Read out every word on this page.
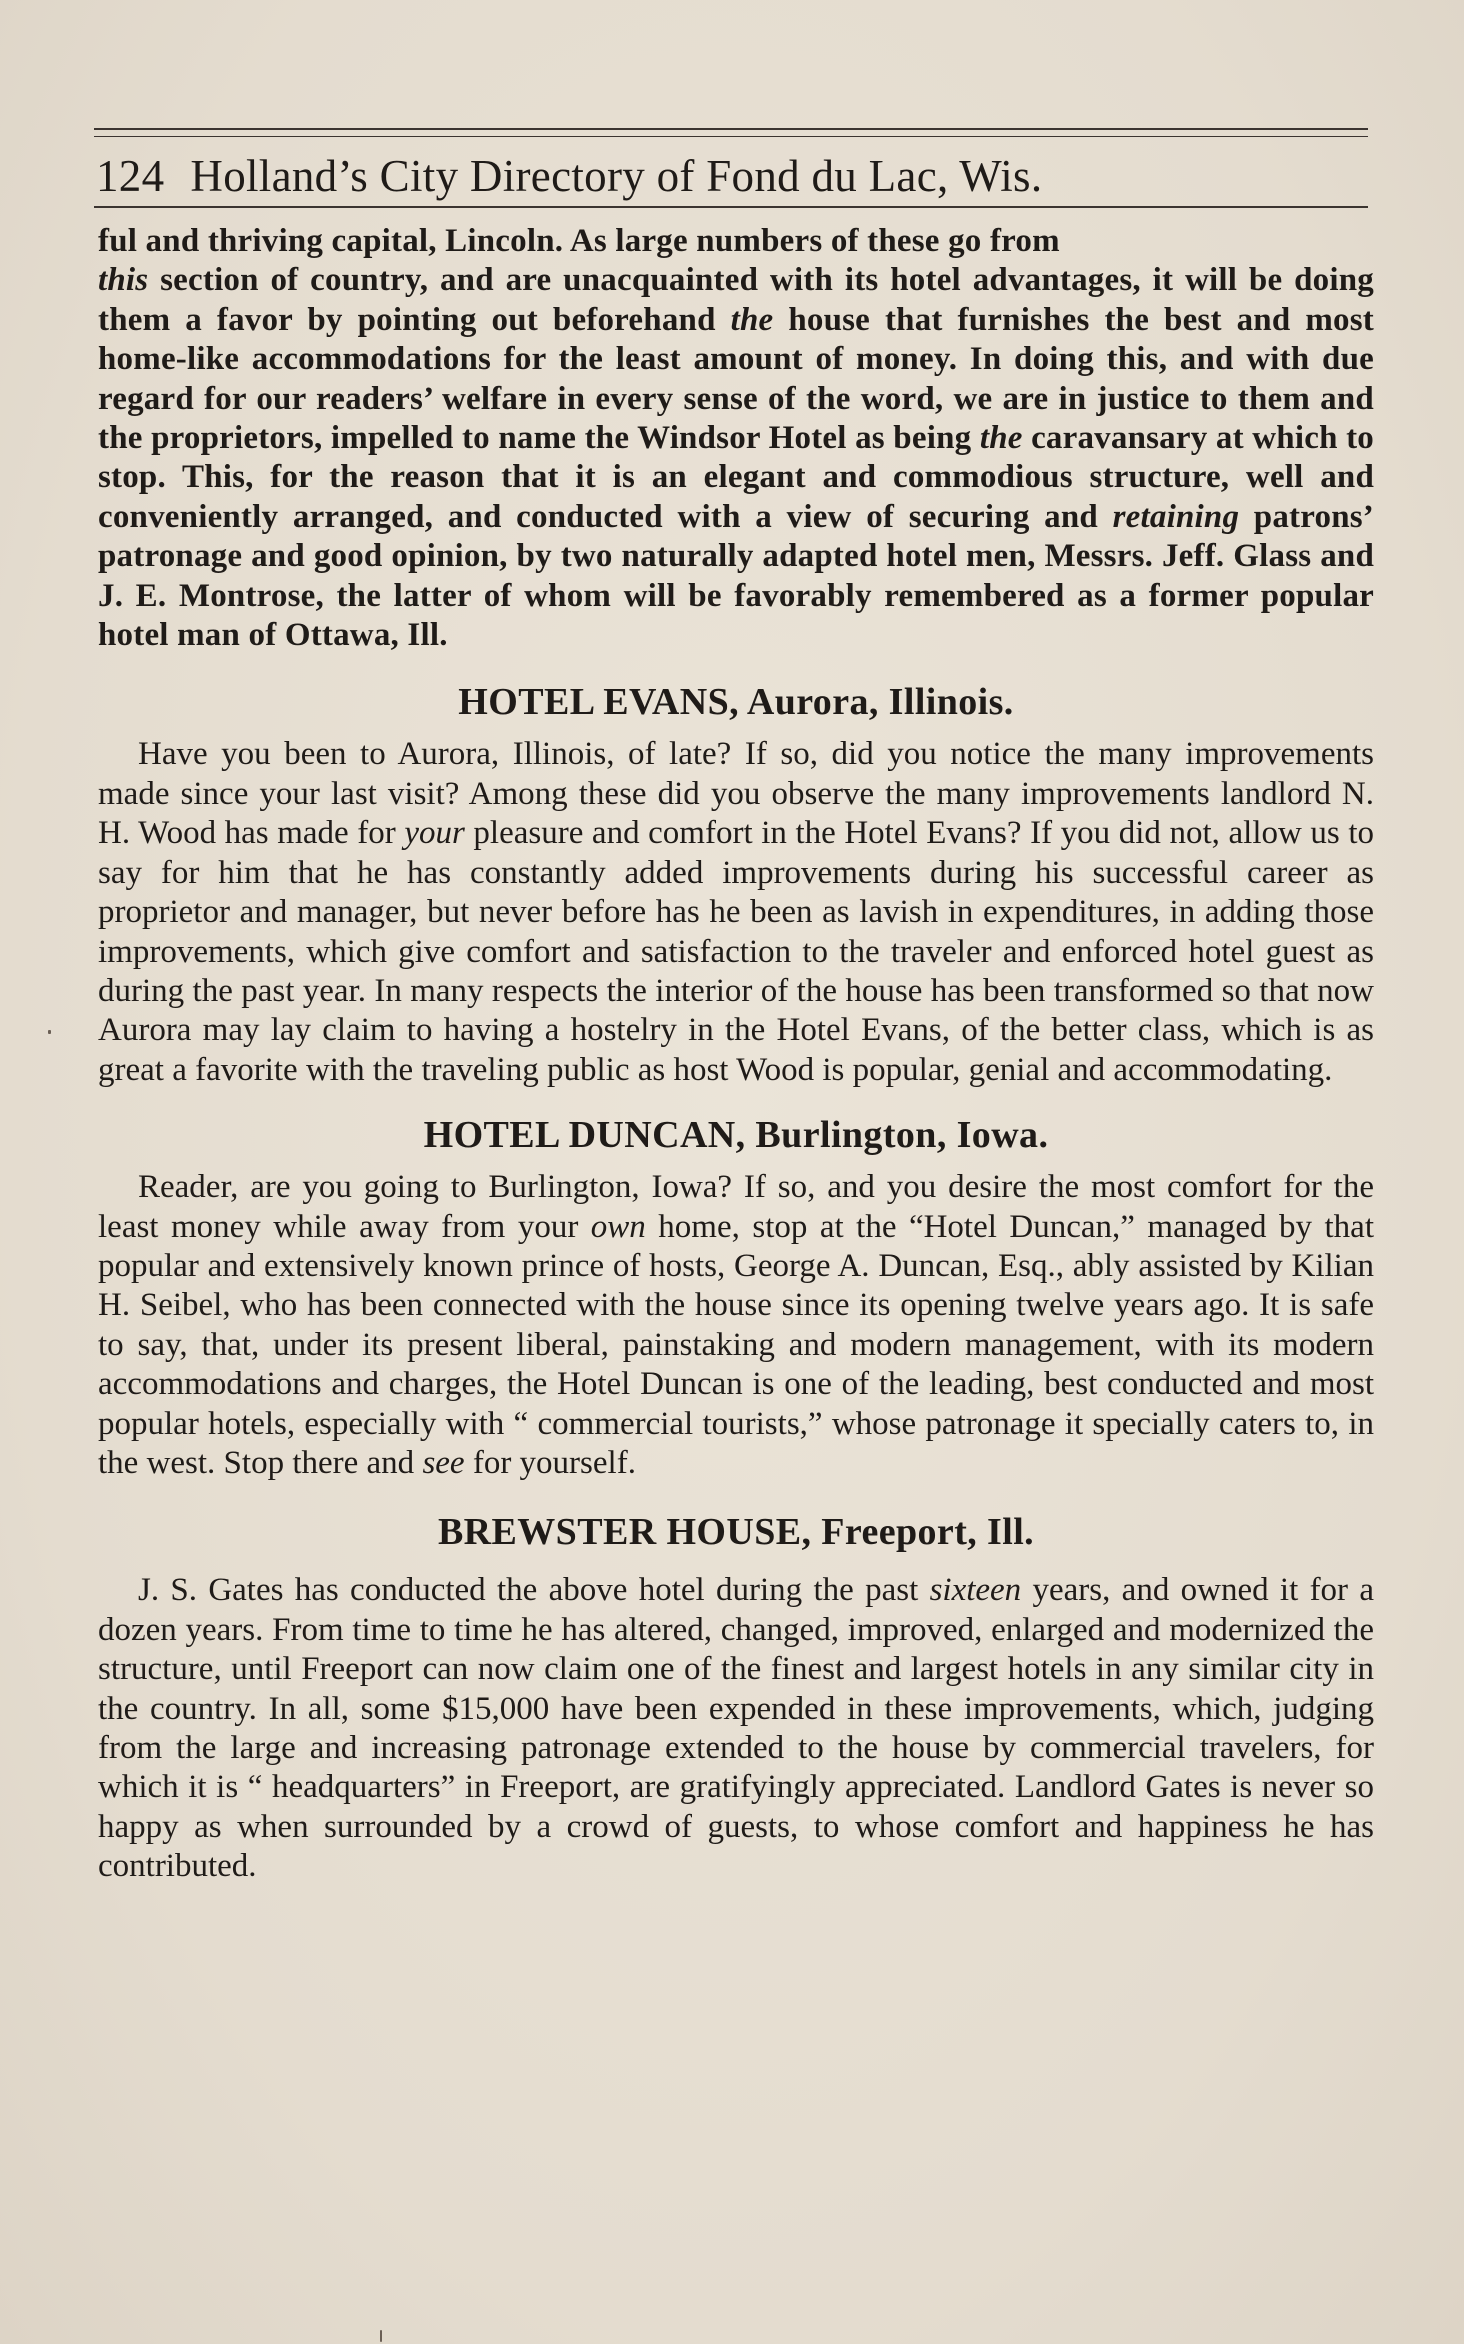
124 Holland’s City Directory of Fond du Lac, Wis.

ful and thriving capital, Lincoln. As large numbers of these go from
this section of country, and are unacquainted with its hotel advantages, it will be doing them a favor by pointing out beforehand the house that furnishes the best and most home-like accommodations for the least amount of money. In doing this, and with due regard for our readers’ welfare in every sense of the word, we are in justice to them and the proprietors, impelled to name the Windsor Hotel as being the caravansary at which to stop. This, for the reason that it is an elegant and commodious structure, well and conveniently arranged, and conducted with a view of securing and retaining patrons’ patronage and good opinion, by two naturally adapted hotel men, Messrs. Jeff. Glass and J. E. Montrose, the latter of whom will be favorably remembered as a former popular hotel man of Ottawa, Ill.

HOTEL EVANS, Aurora, Illinois.

Have you been to Aurora, Illinois, of late? If so, did you notice the many improvements made since your last visit? Among these did you observe the many improvements landlord N. H. Wood has made for your pleasure and comfort in the Hotel Evans? If you did not, allow us to say for him that he has constantly added improvements during his successful career as proprietor and manager, but never before has he been as lavish in expenditures, in adding those improvements, which give comfort and satisfaction to the traveler and enforced hotel guest as during the past year. In many respects the interior of the house has been transformed so that now Aurora may lay claim to having a hostelry in the Hotel Evans, of the better class, which is as great a favorite with the traveling public as host Wood is popular, genial and accommodating.

HOTEL DUNCAN, Burlington, Iowa.

Reader, are you going to Burlington, Iowa? If so, and you desire the most comfort for the least money while away from your own home, stop at the “Hotel Duncan,” managed by that popular and extensively known prince of hosts, George A. Duncan, Esq., ably assisted by Kilian H. Seibel, who has been connected with the house since its opening twelve years ago. It is safe to say, that, under its present liberal, painstaking and modern management, with its modern accommodations and charges, the Hotel Duncan is one of the leading, best conducted and most popular hotels, especially with “ commercial tourists,” whose patronage it specially caters to, in the west. Stop there and see for yourself.

BREWSTER HOUSE, Freeport, Ill.

J. S. Gates has conducted the above hotel during the past sixteen years, and owned it for a dozen years. From time to time he has altered, changed, improved, enlarged and modernized the structure, until Freeport can now claim one of the finest and largest hotels in any similar city in the country. In all, some $15,000 have been expended in these improvements, which, judging from the large and increasing patronage extended to the house by commercial travelers, for which it is “ headquarters” in Freeport, are gratifyingly appreciated. Landlord Gates is never so happy as when surrounded by a crowd of guests, to whose comfort and happiness he has contributed.
